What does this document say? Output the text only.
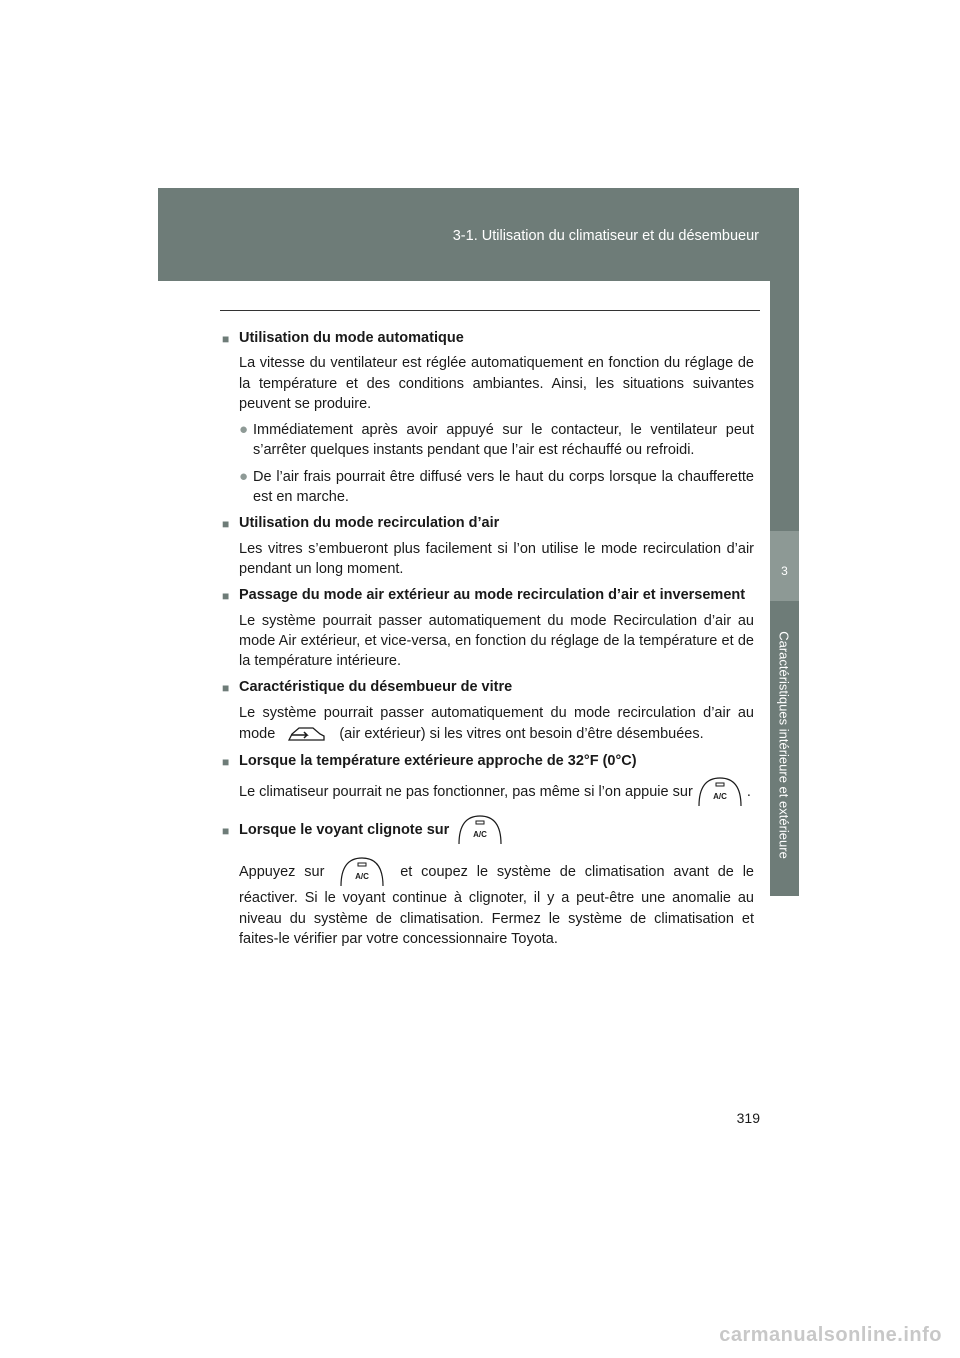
3-1. Utilisation du climatiseur et du désembueur
3
Caractéristiques intérieure et extérieure
■ Utilisation du mode automatique
La vitesse du ventilateur est réglée automatiquement en fonction du réglage de la température et des conditions ambiantes. Ainsi, les situations suivantes peuvent se produire.
● Immédiatement après avoir appuyé sur le contacteur, le ventilateur peut s’arrêter quelques instants pendant que l’air est réchauffé ou refroidi.
● De l’air frais pourrait être diffusé vers le haut du corps lorsque la chaufferette est en marche.
■ Utilisation du mode recirculation d’air
Les vitres s’embueront plus facilement si l’on utilise le mode recirculation d’air pendant un long moment.
■ Passage du mode air extérieur au mode recirculation d’air et inversement
Le système pourrait passer automatiquement du mode Recirculation d’air au mode Air extérieur, et vice-versa, en fonction du réglage de la température et de la température intérieure.
■ Caractéristique du désembueur de vitre
Le système pourrait passer automatiquement du mode recirculation d’air au mode	(air extérieur) si les vitres ont besoin d’être désembuées.
■ Lorsque la température extérieure approche de 32°F (0°C)
Le climatiseur pourrait ne pas fonctionner, pas même si l’on appuie sur	A/C .
■ Lorsque le voyant clignote sur	A/C
Appuyez sur	A/C et coupez le système de climatisation avant de le réactiver. Si le voyant continue à clignoter, il y a peut-être une anomalie au niveau du système de climatisation. Fermez le système de climatisation et faites-le vérifier par votre concessionnaire Toyota.
319
carmanualsonline.info
